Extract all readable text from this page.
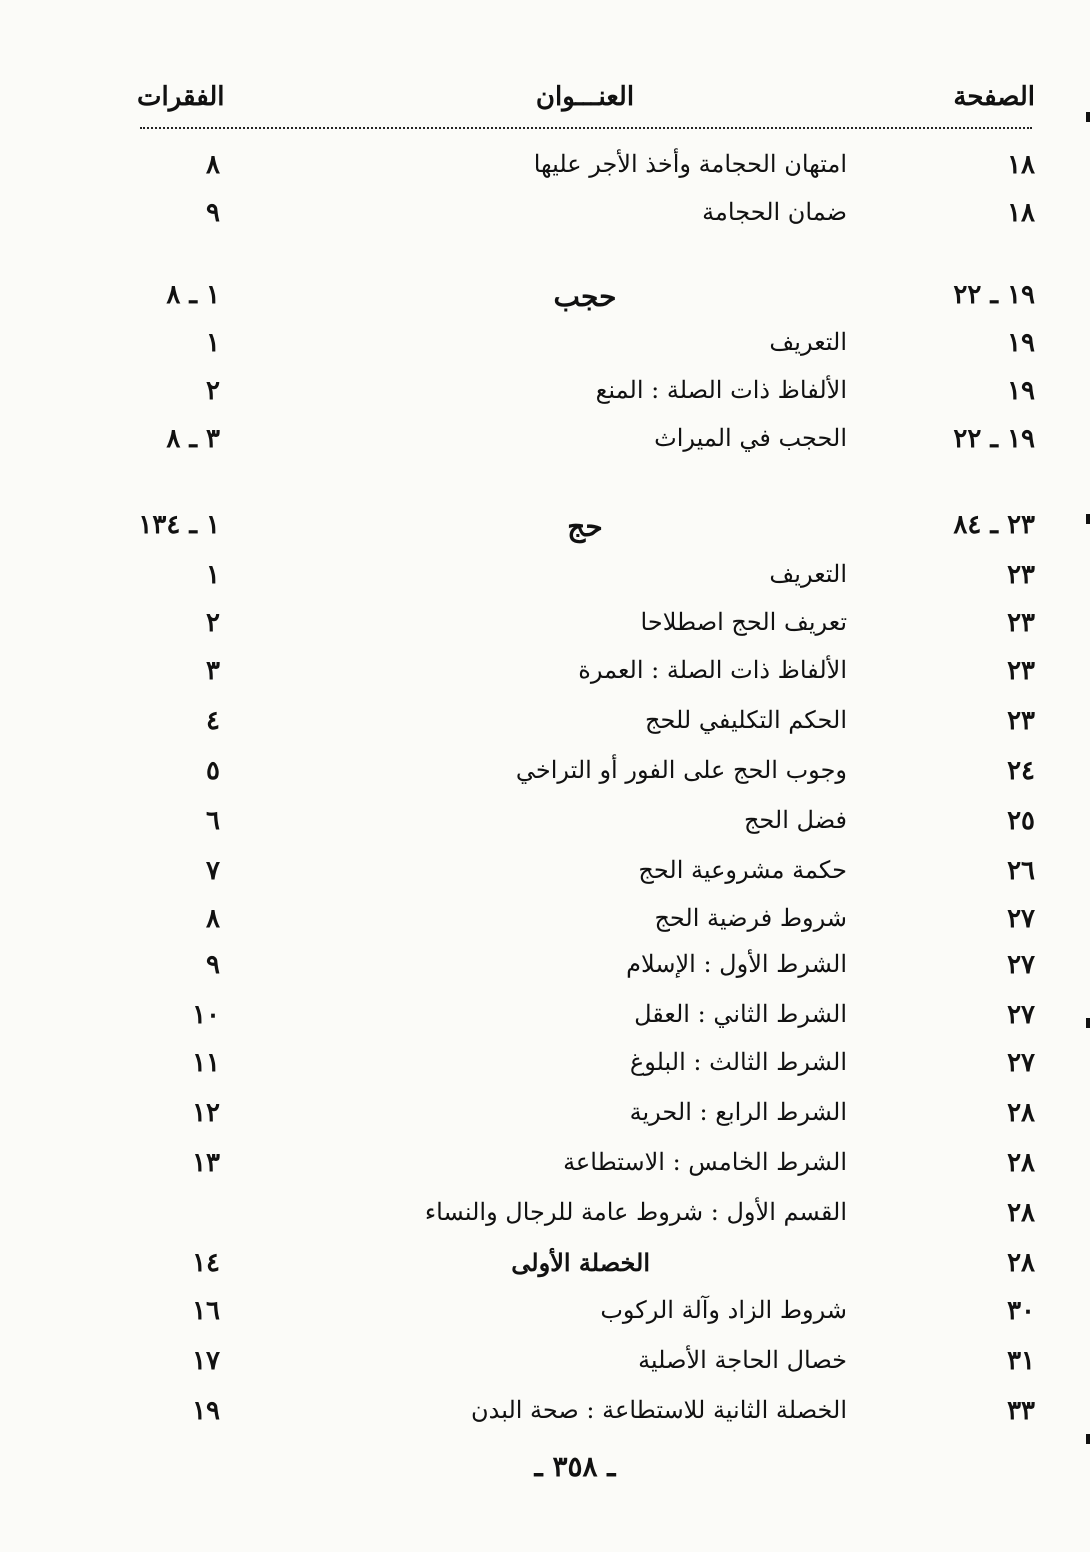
الصفحة
العنـــوان
الفقرات
١٨
امتهان الحجامة وأخذ الأجر عليها
٨
١٨
ضمان الحجامة
٩
١٩ ـ ٢٢
حجب
١ ـ ٨
١٩
التعريف
١
١٩
الألفاظ ذات الصلة : المنع
٢
١٩ ـ ٢٢
الحجب في الميراث
٣ ـ ٨
٢٣ ـ ٨٤
حج
١ ـ ١٣٤
٢٣
التعريف
١
٢٣
تعريف الحج اصطلاحا
٢
٢٣
الألفاظ ذات الصلة : العمرة
٣
٢٣
الحكم التكليفي للحج
٤
٢٤
وجوب الحج على الفور أو التراخي
٥
٢٥
فضل الحج
٦
٢٦
حكمة مشروعية الحج
٧
٢٧
شروط فرضية الحج
٨
٢٧
الشرط الأول : الإسلام
٩
٢٧
الشرط الثاني : العقل
١٠
٢٧
الشرط الثالث : البلوغ
١١
٢٨
الشرط الرابع : الحرية
١٢
٢٨
الشرط الخامس : الاستطاعة
١٣
٢٨
القسم الأول : شروط عامة للرجال والنساء
٢٨
الخصلة الأولى
١٤
٣٠
شروط الزاد وآلة الركوب
١٦
٣١
خصال الحاجة الأصلية
١٧
٣٣
الخصلة الثانية للاستطاعة : صحة البدن
١٩
ـ ٣٥٨ ـ
